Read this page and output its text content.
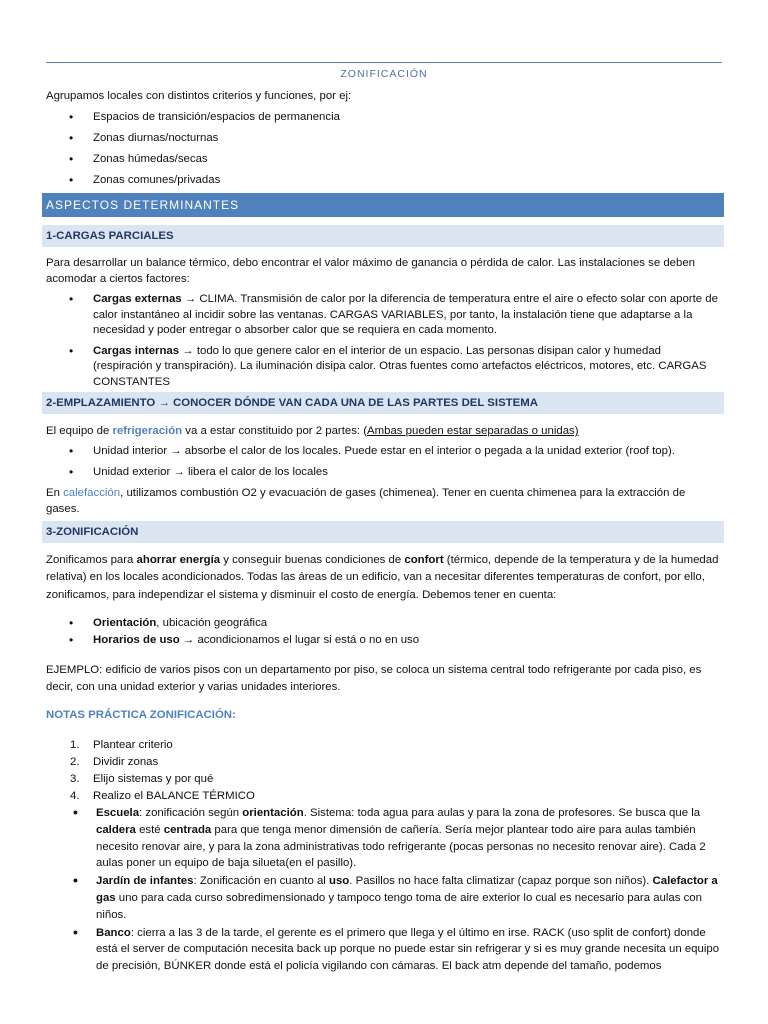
ZONIFICACIÓN
Agrupamos locales con distintos criterios y funciones, por ej:
• Espacios de transición/espacios de permanencia
• Zonas diurnas/nocturnas
• Zonas húmedas/secas
• Zonas comunes/privadas
ASPECTOS DETERMINANTES
1-CARGAS PARCIALES
Para desarrollar un balance térmico, debo encontrar el valor máximo de ganancia o pérdida de calor. Las instalaciones se deben acomodar a ciertos factores:
• Cargas externas → CLIMA. Transmisión de calor por la diferencia de temperatura entre el aire o efecto solar con aporte de calor instantáneo al incidir sobre las ventanas. CARGAS VARIABLES, por tanto, la instalación tiene que adaptarse a la necesidad y poder entregar o absorber calor que se requiera en cada momento.
• Cargas internas → todo lo que genere calor en el interior de un espacio. Las personas disipan calor y humedad (respiración y transpiración). La iluminación disipa calor. Otras fuentes como artefactos eléctricos, motores, etc. CARGAS CONSTANTES
2-EMPLAZAMIENTO → CONOCER DÓNDE VAN CADA UNA DE LAS PARTES DEL SISTEMA
El equipo de refrigeración va a estar constituido por 2 partes: (Ambas pueden estar separadas o unidas)
• Unidad interior → absorbe el calor de los locales. Puede estar en el interior o pegada a la unidad exterior (roof top).
• Unidad exterior → libera el calor de los locales
En calefacción, utilizamos combustión O2 y evacuación de gases (chimenea). Tener en cuenta chimenea para la extracción de gases.
3-ZONIFICACIÓN
Zonificamos para ahorrar energía y conseguir buenas condiciones de confort (térmico, depende de la temperatura y de la humedad relativa) en los locales acondicionados. Todas las áreas de un edificio, van a necesitar diferentes temperaturas de confort, por ello, zonificamos, para independizar el sistema y disminuir el costo de energía. Debemos tener en cuenta:
• Orientación, ubicación geográfica
• Horarios de uso → acondicionamos el lugar si está o no en uso
EJEMPLO: edificio de varios pisos con un departamento por piso, se coloca un sistema central todo refrigerante por cada piso, es decir, con una unidad exterior y varias unidades interiores.
NOTAS PRÁCTICA ZONIFICACIÓN:
1. Plantear criterio
2. Dividir zonas
3. Elijo sistemas y por qué
4. Realizo el BALANCE TÉRMICO
• Escuela: zonificación según orientación. Sistema: toda agua para aulas y para la zona de profesores. Se busca que la caldera esté centrada para que tenga menor dimensión de cañería. Sería mejor plantear todo aire para aulas también necesito renovar aire, y para la zona administrativas todo refrigerante (pocas personas no necesito renovar aire). Cada 2 aulas poner un equipo de baja silueta(en el pasillo).
• Jardín de infantes: Zonificación en cuanto al uso. Pasillos no hace falta climatizar (capaz porque son niños). Calefactor a gas uno para cada curso sobredimensionado y tampoco tengo toma de aire exterior lo cual es necesario para aulas con niños.
• Banco: cierra a las 3 de la tarde, el gerente es el primero que llega y el último en irse. RACK (uso split de confort) donde está el server de computación necesita back up porque no puede estar sin refrigerar y si es muy grande necesita un equipo de precisión, BÚNKER donde está el policía vigilando con cámaras. El back atm depende del tamaño, podemos
